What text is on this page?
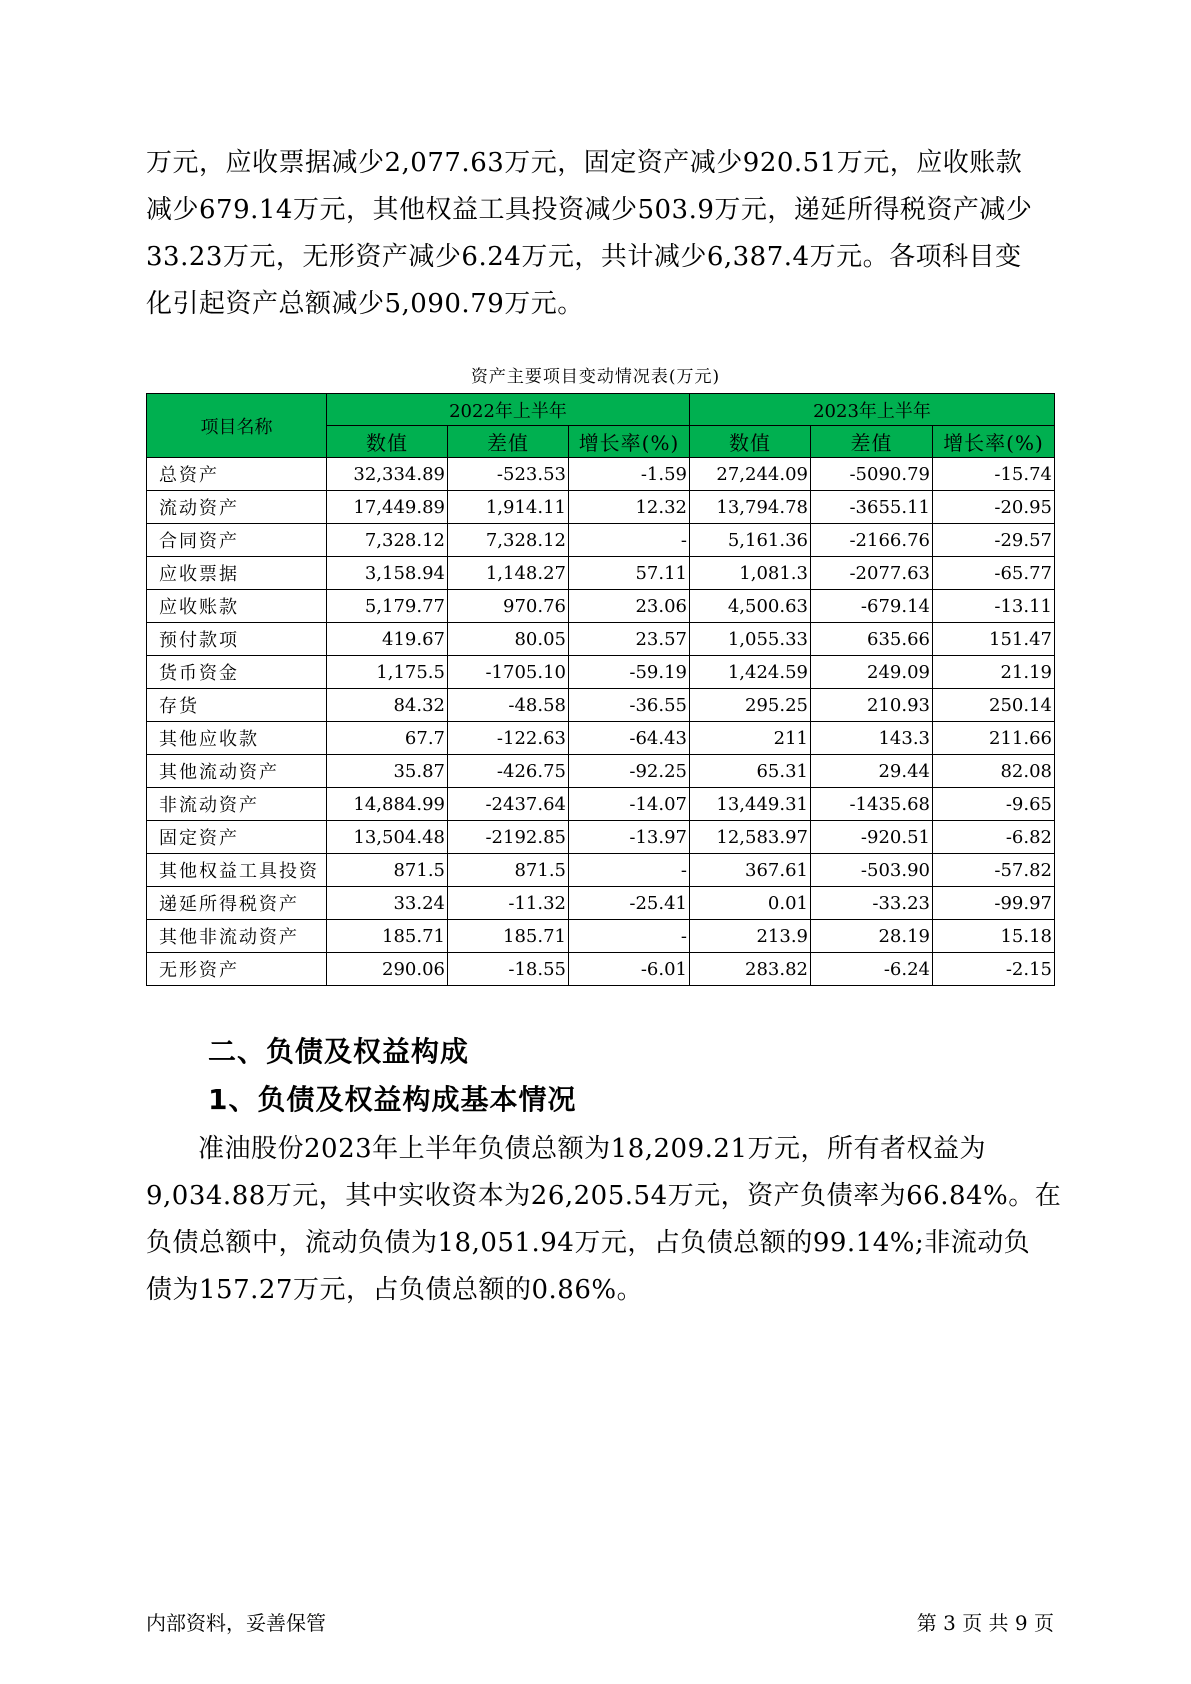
万元，应收票据减少2,077.63万元，固定资产减少920.51万元，应收账款

减少679.14万元，其他权益工具投资减少503.9万元，递延所得税资产减少

33.23万元，无形资产减少6.24万元，共计减少6,387.4万元。各项科目变

化引起资产总额减少5,090.79万元。

资产主要项目变动情况表(万元)
项目名称	2022年上半年			2023年上半年		
	数值	差值	增长率(%)	数值	差值	增长率(%)
总资产	32,334.89	-523.53	-1.59	27,244.09	-5090.79	-15.74
流动资产	17,449.89	1,914.11	12.32	13,794.78	-3655.11	-20.95
合同资产	7,328.12	7,328.12	-	5,161.36	-2166.76	-29.57
应收票据	3,158.94	1,148.27	57.11	1,081.3	-2077.63	-65.77
应收账款	5,179.77	970.76	23.06	4,500.63	-679.14	-13.11
预付款项	419.67	80.05	23.57	1,055.33	635.66	151.47
货币资金	1,175.5	-1705.10	-59.19	1,424.59	249.09	21.19
存货	84.32	-48.58	-36.55	295.25	210.93	250.14
其他应收款	67.7	-122.63	-64.43	211	143.3	211.66
其他流动资产	35.87	-426.75	-92.25	65.31	29.44	82.08
非流动资产	14,884.99	-2437.64	-14.07	13,449.31	-1435.68	-9.65
固定资产	13,504.48	-2192.85	-13.97	12,583.97	-920.51	-6.82
其他权益工具投资	871.5	871.5	-	367.61	-503.90	-57.82
递延所得税资产	33.24	-11.32	-25.41	0.01	-33.23	-99.97
其他非流动资产	185.71	185.71	-	213.9	28.19	15.18
无形资产	290.06	-18.55	-6.01	283.82	-6.24	-2.15
二、负债及权益构成
1、负债及权益构成基本情况

准油股份2023年上半年负债总额为18,209.21万元，所有者权益为

9,034.88万元，其中实收资本为26,205.54万元，资产负债率为66.84%。在

负债总额中，流动负债为18,051.94万元，占负债总额的99.14%;非流动负

债为157.27万元，占负债总额的0.86%。

内部资料，妥善保管	第 3 页 共 9 页
